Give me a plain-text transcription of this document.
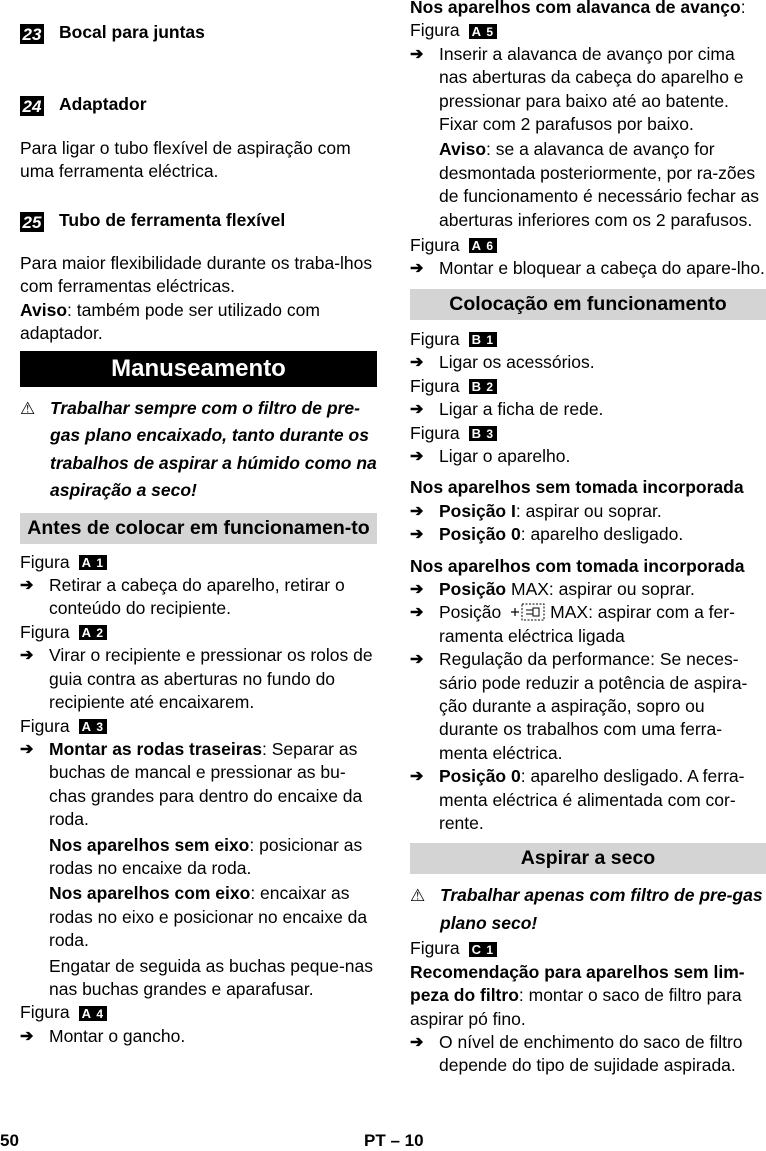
23 Bocal para juntas
24 Adaptador

Para ligar o tubo flexível de aspiração com uma ferramenta eléctrica.

25 Tubo de ferramenta flexível

Para maior flexibilidade durante os traba-lhos com ferramentas eléctricas.

Aviso: também pode ser utilizado com adaptador.

Manuseamento
⚠ Trabalhar sempre com o filtro de pre-gas plano encaixado, tanto durante os trabalhos de aspirar a húmido como na aspiração a seco!
Antes de colocar em funcionamen-to
Figura A 1
➔ Retirar a cabeça do aparelho, retirar o conteúdo do recipiente.
Figura A 2
➔ Virar o recipiente e pressionar os rolos de guia contra as aberturas no fundo do recipiente até encaixarem.
Figura A 3
➔ Montar as rodas traseiras: Separar as buchas de mancal e pressionar as bu-chas grandes para dentro do encaixe da roda.

Nos aparelhos sem eixo: posicionar as rodas no encaixe da roda.

Nos aparelhos com eixo: encaixar as rodas no eixo e posicionar no encaixe da roda.

Engatar de seguida as buchas peque-nas nas buchas grandes e aparafusar.

Figura A 4
➔ Montar o gancho.

Nos aparelhos com alavanca de avanço:

Figura A 5
➔ Inserir a alavanca de avanço por cima nas aberturas da cabeça do aparelho e pressionar para baixo até ao batente. Fixar com 2 parafusos por baixo.

Aviso: se a alavanca de avanço for desmontada posteriormente, por ra-zões de funcionamento é necessário fechar as aberturas inferiores com os 2 parafusos.

Figura A 6
➔ Montar e bloquear a cabeça do apare-lho.
Colocação em funcionamento
Figura B 1
➔ Ligar os acessórios.
Figura B 2
➔ Ligar a ficha de rede.
Figura B 3
➔ Ligar o aparelho.

Nos aparelhos sem tomada incorporada

➔ Posição I: aspirar ou soprar.
➔ Posição 0: aparelho desligado.

Nos aparelhos com tomada incorporada

➔ Posição MAX: aspirar ou soprar.
➔ Posição	MAX: aspirar com a fer-ramenta eléctrica ligada
➔ Regulação da performance: Se neces-sário pode reduzir a potência de aspira-ção durante a aspiração, sopro ou durante os trabalhos com uma ferra-menta eléctrica.
➔ Posição 0: aparelho desligado. A ferra-menta eléctrica é alimentada com cor-rente.
Aspirar a seco
⚠ Trabalhar apenas com filtro de pre-gas plano seco!
Figura C 1

Recomendação para aparelhos sem lim-peza do filtro: montar o saco de filtro para aspirar pó fino.

➔ O nível de enchimento do saco de filtro depende do tipo de sujidade aspirada.
50	PT – 10
